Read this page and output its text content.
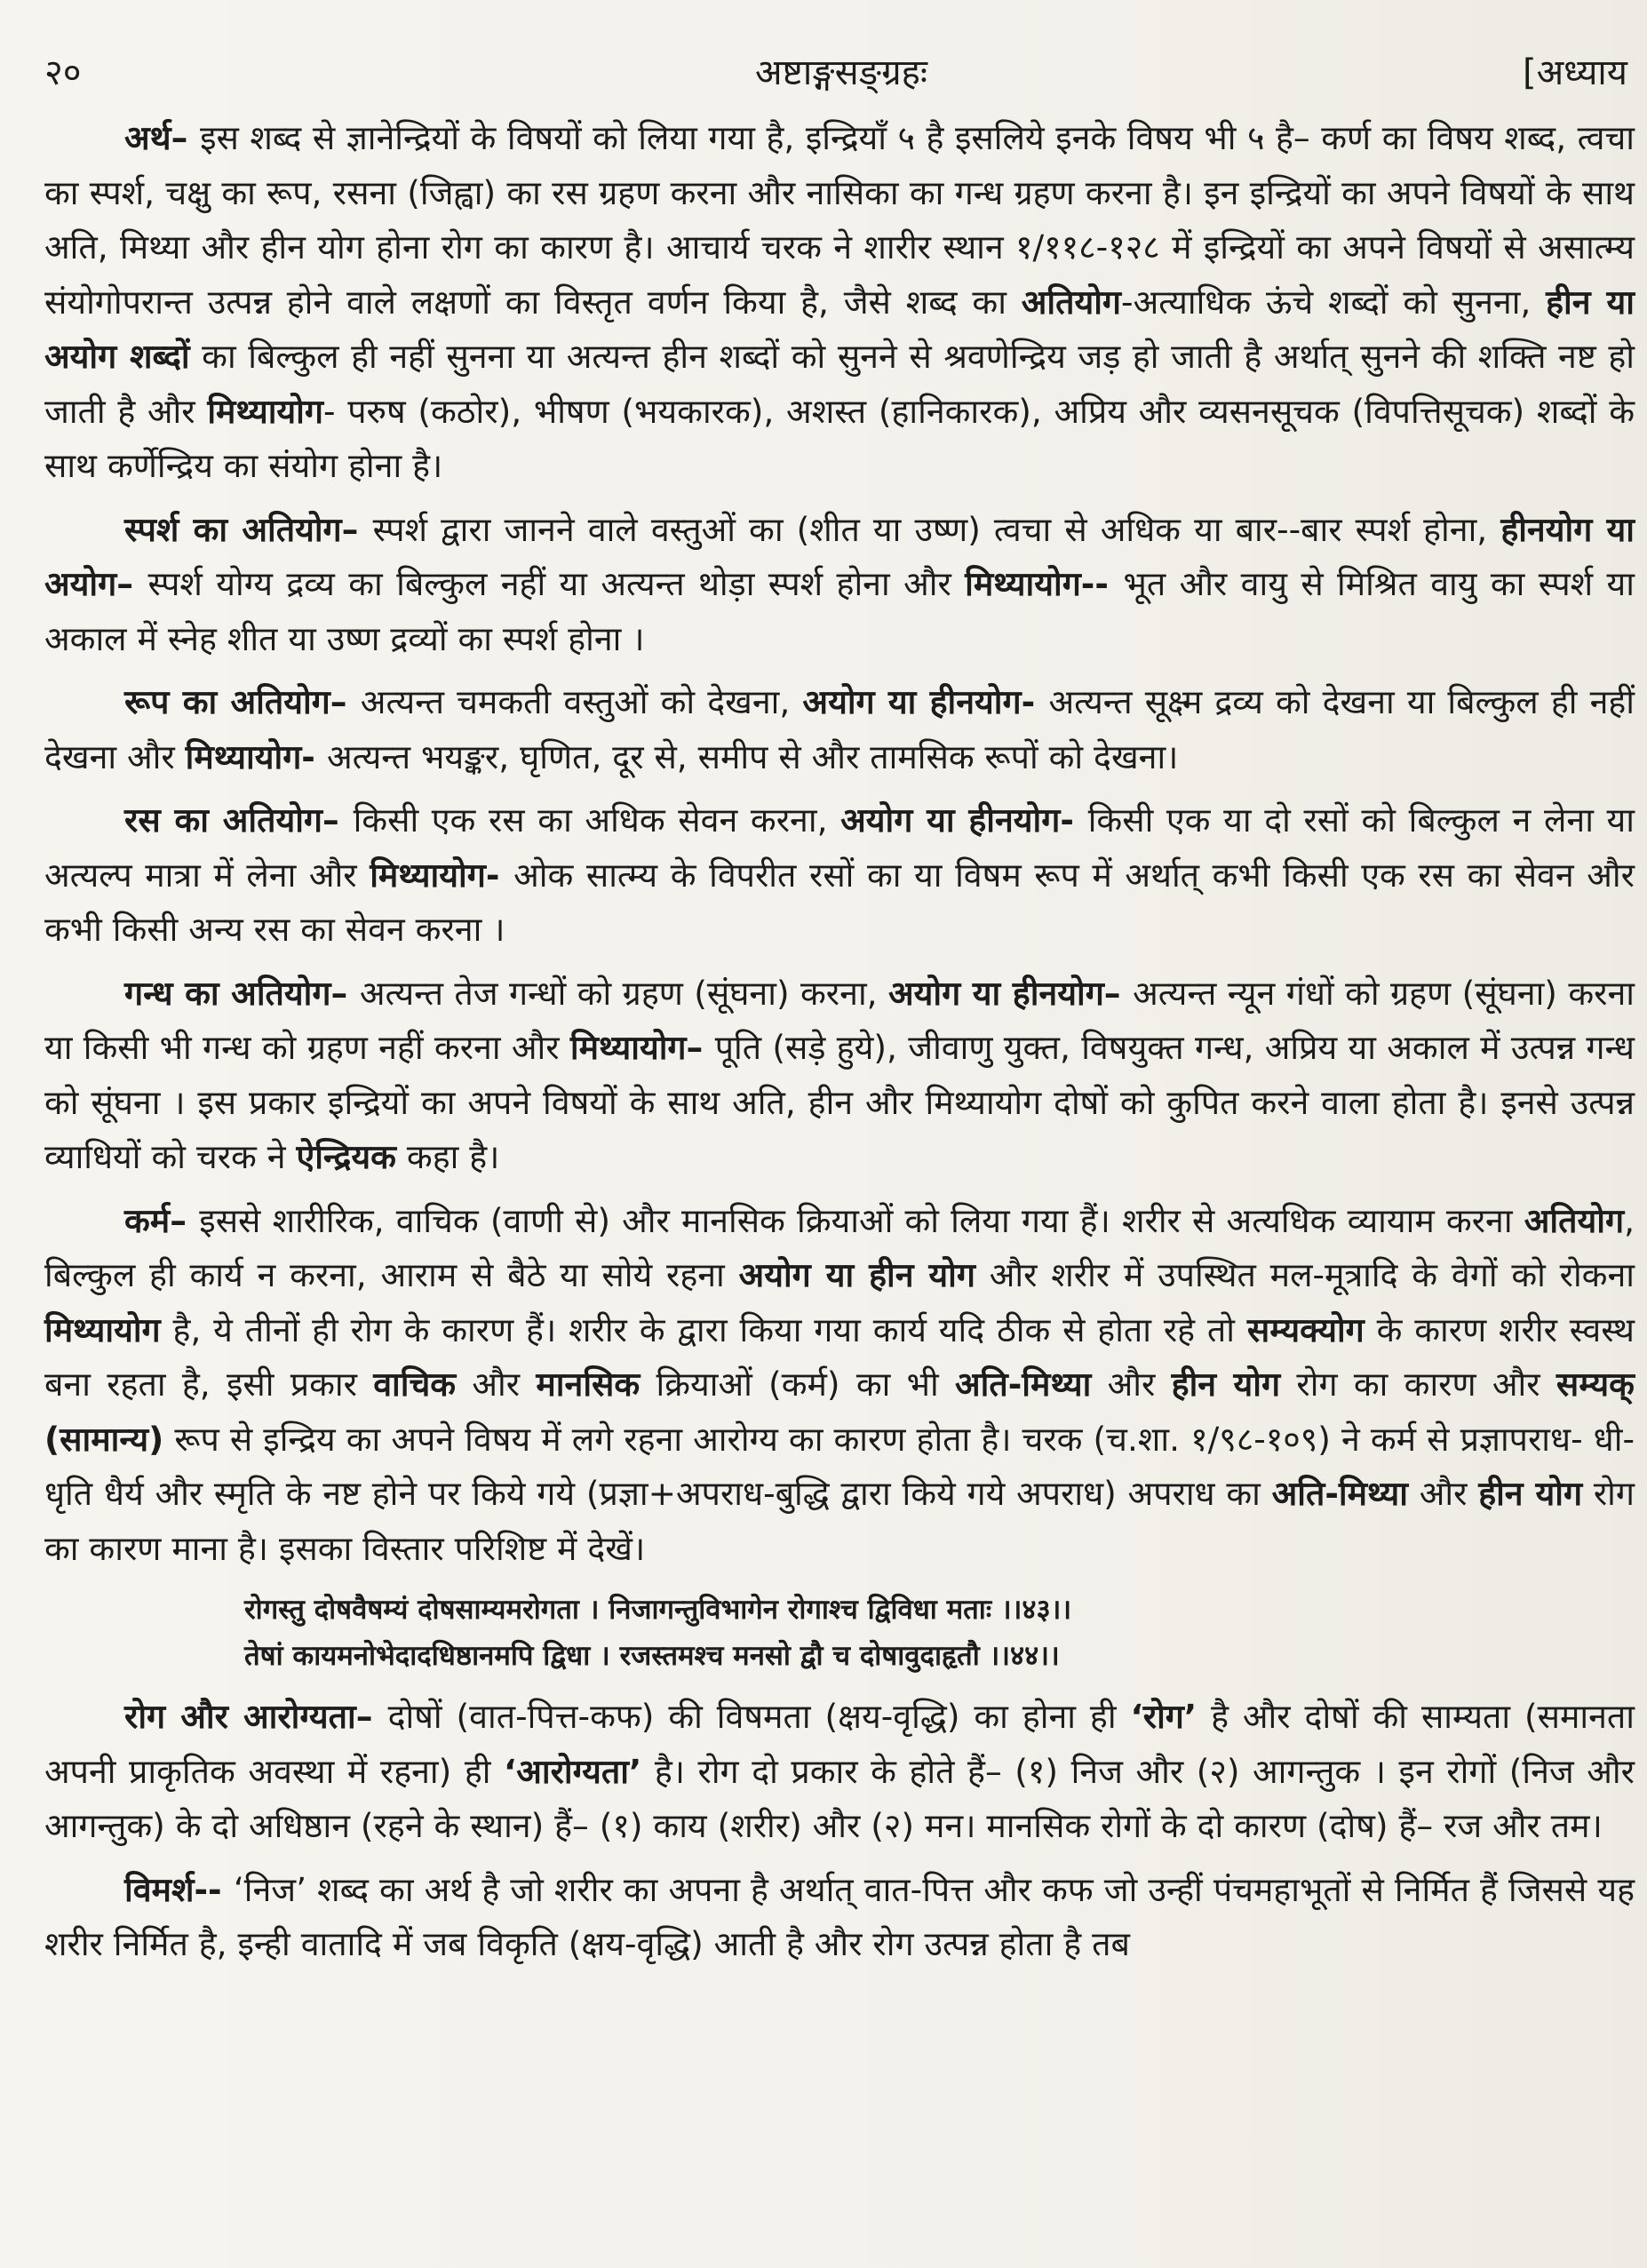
२०	अष्टाङ्गसङ्ग्रहः	[अध्याय

अर्थ– इस शब्द से ज्ञानेन्द्रियों के विषयों को लिया गया है, इन्द्रियाँ ५ है इसलिये इनके विषय भी ५ है– कर्ण का विषय शब्द, त्वचा का स्पर्श, चक्षु का रूप, रसना (जिह्वा) का रस ग्रहण करना और नासिका का गन्ध ग्रहण करना है। इन इन्द्रियों का अपने विषयों के साथ अति, मिथ्या और हीन योग होना रोग का कारण है। आचार्य चरक ने शारीर स्थान १/११८-१२८ में इन्द्रियों का अपने विषयों से असात्म्य संयोगोपरान्त उत्पन्न होने वाले लक्षणों का विस्तृत वर्णन किया है, जैसे शब्द का अतियोग-अत्याधिक ऊंचे शब्दों को सुनना, हीन या अयोग शब्दों का बिल्कुल ही नहीं सुनना या अत्यन्त हीन शब्दों को सुनने से श्रवणेन्द्रिय जड़ हो जाती है अर्थात् सुनने की शक्ति नष्ट हो जाती है और मिथ्यायोग- परुष (कठोर), भीषण (भयकारक), अशस्त (हानिकारक), अप्रिय और व्यसनसूचक (विपत्तिसूचक) शब्दों के साथ कर्णेन्द्रिय का संयोग होना है।

स्पर्श का अतियोग– स्पर्श द्वारा जानने वाले वस्तुओं का (शीत या उष्ण) त्वचा से अधिक या बार--बार स्पर्श होना, हीनयोग या अयोग– स्पर्श योग्य द्रव्य का बिल्कुल नहीं या अत्यन्त थोड़ा स्पर्श होना और मिथ्यायोग-- भूत और वायु से मिश्रित वायु का स्पर्श या अकाल में स्नेह शीत या उष्ण द्रव्यों का स्पर्श होना ।

रूप का अतियोग– अत्यन्त चमकती वस्तुओं को देखना, अयोग या हीनयोग- अत्यन्त सूक्ष्म द्रव्य को देखना या बिल्कुल ही नहीं देखना और मिथ्यायोग- अत्यन्त भयङ्कर, घृणित, दूर से, समीप से और तामसिक रूपों को देखना।

रस का अतियोग– किसी एक रस का अधिक सेवन करना, अयोग या हीनयोग- किसी एक या दो रसों को बिल्कुल न लेना या अत्यल्प मात्रा में लेना और मिथ्यायोग- ओक सात्म्य के विपरीत रसों का या विषम रूप में अर्थात् कभी किसी एक रस का सेवन और कभी किसी अन्य रस का सेवन करना ।

गन्ध का अतियोग– अत्यन्त तेज गन्धों को ग्रहण (सूंघना) करना, अयोग या हीनयोग– अत्यन्त न्यून गंधों को ग्रहण (सूंघना) करना या किसी भी गन्ध को ग्रहण नहीं करना और मिथ्यायोग– पूति (सड़े हुये), जीवाणु युक्त, विषयुक्त गन्ध, अप्रिय या अकाल में उत्पन्न गन्ध को सूंघना । इस प्रकार इन्द्रियों का अपने विषयों के साथ अति, हीन और मिथ्यायोग दोषों को कुपित करने वाला होता है। इनसे उत्पन्न व्याधियों को चरक ने ऐन्द्रियक कहा है।

कर्म– इससे शारीरिक, वाचिक (वाणी से) और मानसिक क्रियाओं को लिया गया हैं। शरीर से अत्यधिक व्यायाम करना अतियोग, बिल्कुल ही कार्य न करना, आराम से बैठे या सोये रहना अयोग या हीन योग और शरीर में उपस्थित मल-मूत्रादि के वेगों को रोकना मिथ्यायोग है, ये तीनों ही रोग के कारण हैं। शरीर के द्वारा किया गया कार्य यदि ठीक से होता रहे तो सम्यक्योग के कारण शरीर स्वस्थ बना रहता है, इसी प्रकार वाचिक और मानसिक क्रियाओं (कर्म) का भी अति-मिथ्या और हीन योग रोग का कारण और सम्यक् (सामान्य) रूप से इन्द्रिय का अपने विषय में लगे रहना आरोग्य का कारण होता है। चरक (च.शा. १/९८-१०९) ने कर्म से प्रज्ञापराध- धी-धृति धैर्य और स्मृति के नष्ट होने पर किये गये (प्रज्ञा+अपराध-बुद्धि द्वारा किये गये अपराध) अपराध का अति-मिथ्या और हीन योग रोग का कारण माना है। इसका विस्तार परिशिष्ट में देखें।

रोगस्तु दोषवैषम्यं दोषसाम्यमरोगता । निजागन्तुविभागेन रोगाश्च द्विविधा मताः ।।४३।।
तेषां कायमनोभेदादधिष्ठानमपि द्विधा । रजस्तमश्च मनसो द्वौ च दोषावुदाहृतौ ।।४४।।

रोग और आरोग्यता– दोषों (वात-पित्त-कफ) की विषमता (क्षय-वृद्धि) का होना ही ‘रोग’ है और दोषों की साम्यता (समानता अपनी प्राकृतिक अवस्था में रहना) ही ‘आरोग्यता’ है। रोग दो प्रकार के होते हैं– (१) निज और (२) आगन्तुक । इन रोगों (निज और आगन्तुक) के दो अधिष्ठान (रहने के स्थान) हैं– (१) काय (शरीर) और (२) मन। मानसिक रोगों के दो कारण (दोष) हैं– रज और तम।

विमर्श-- ‘निज’ शब्द का अर्थ है जो शरीर का अपना है अर्थात् वात-पित्त और कफ जो उन्हीं पंचमहाभूतों से निर्मित हैं जिससे यह शरीर निर्मित है, इन्ही वातादि में जब विकृति (क्षय-वृद्धि) आती है और रोग उत्पन्न होता है तब
